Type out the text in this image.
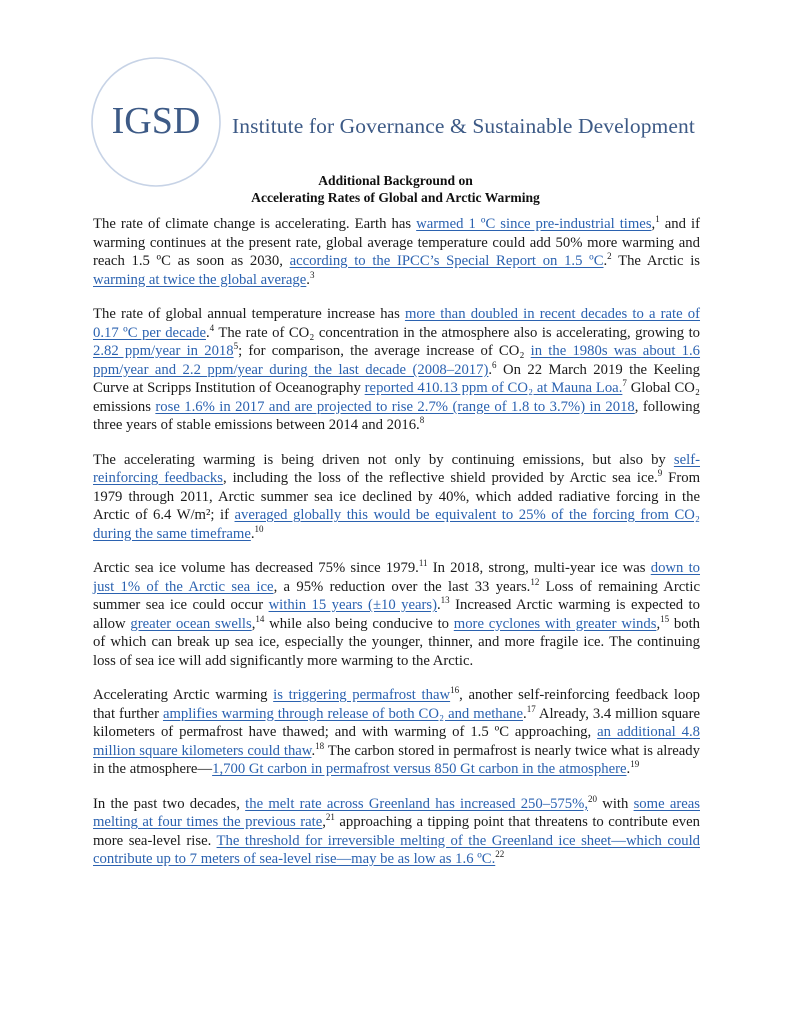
IGSD Institute for Governance & Sustainable Development
Additional Background on
Accelerating Rates of Global and Arctic Warming

The rate of climate change is accelerating. Earth has warmed 1 ºC since pre-industrial times,$^1$ and if warming continues at the present rate, global average temperature could add 50% more warming and reach 1.5 ºC as soon as 2030, according to the IPCC’s Special Report on 1.5 ºC.$^2$ The Arctic is warming at twice the global average.$^3$

The rate of global annual temperature increase has more than doubled in recent decades to a rate of 0.17 ºC per decade.$^4$ The rate of CO₂ concentration in the atmosphere also is accelerating, growing to 2.82 ppm/year in 2018$^5$; for comparison, the average increase of CO₂ in the 1980s was about 1.6 ppm/year and 2.2 ppm/year during the last decade (2008–2017).$^6$ On 22 March 2019 the Keeling Curve at Scripps Institution of Oceanography reported 410.13 ppm of CO₂ at Mauna Loa.$^7$ Global CO₂ emissions rose 1.6% in 2017 and are projected to rise 2.7% (range of 1.8 to 3.7%) in 2018, following three years of stable emissions between 2014 and 2016.$^8$

The accelerating warming is being driven not only by continuing emissions, but also by self-reinforcing feedbacks, including the loss of the reflective shield provided by Arctic sea ice.$^9$ From 1979 through 2011, Arctic summer sea ice declined by 40%, which added radiative forcing in the Arctic of 6.4 W/m²; if averaged globally this would be equivalent to 25% of the forcing from CO₂ during the same timeframe.$^{10}$

Arctic sea ice volume has decreased 75% since 1979.11 In 2018, strong, multi-year ice was down to just 1% of the Arctic sea ice, a 95% reduction over the last 33 years.$^{12}$ Loss of remaining Arctic summer sea ice could occur within 15 years (±10 years).$^{13}$ Increased Arctic warming is expected to allow greater ocean swells,$^{14}$ while also being conducive to more cyclones with greater winds,$^{15}$ both of which can break up sea ice, especially the younger, thinner, and more fragile ice. The continuing loss of sea ice will add significantly more warming to the Arctic.

Accelerating Arctic warming is triggering permafrost thaw$^{16}$, another self-reinforcing feedback loop that further amplifies warming through release of both CO₂ and methane.$^{17}$ Already, 3.4 million square kilometers of permafrost have thawed; and with warming of 1.5 ºC approaching, an additional 4.8 million square kilometers could thaw.$^{18}$ The carbon stored in permafrost is nearly twice what is already in the atmosphere—1,700 Gt carbon in permafrost versus 850 Gt carbon in the atmosphere.$^{19}$

In the past two decades, the melt rate across Greenland has increased 250–575%,$^{20}$ with some areas melting at four times the previous rate,$^{21}$ approaching a tipping point that threatens to contribute even more sea-level rise. The threshold for irreversible melting of the Greenland ice sheet—which could contribute up to 7 meters of sea-level rise—may be as low as 1.6 ºC.$^{22}$
